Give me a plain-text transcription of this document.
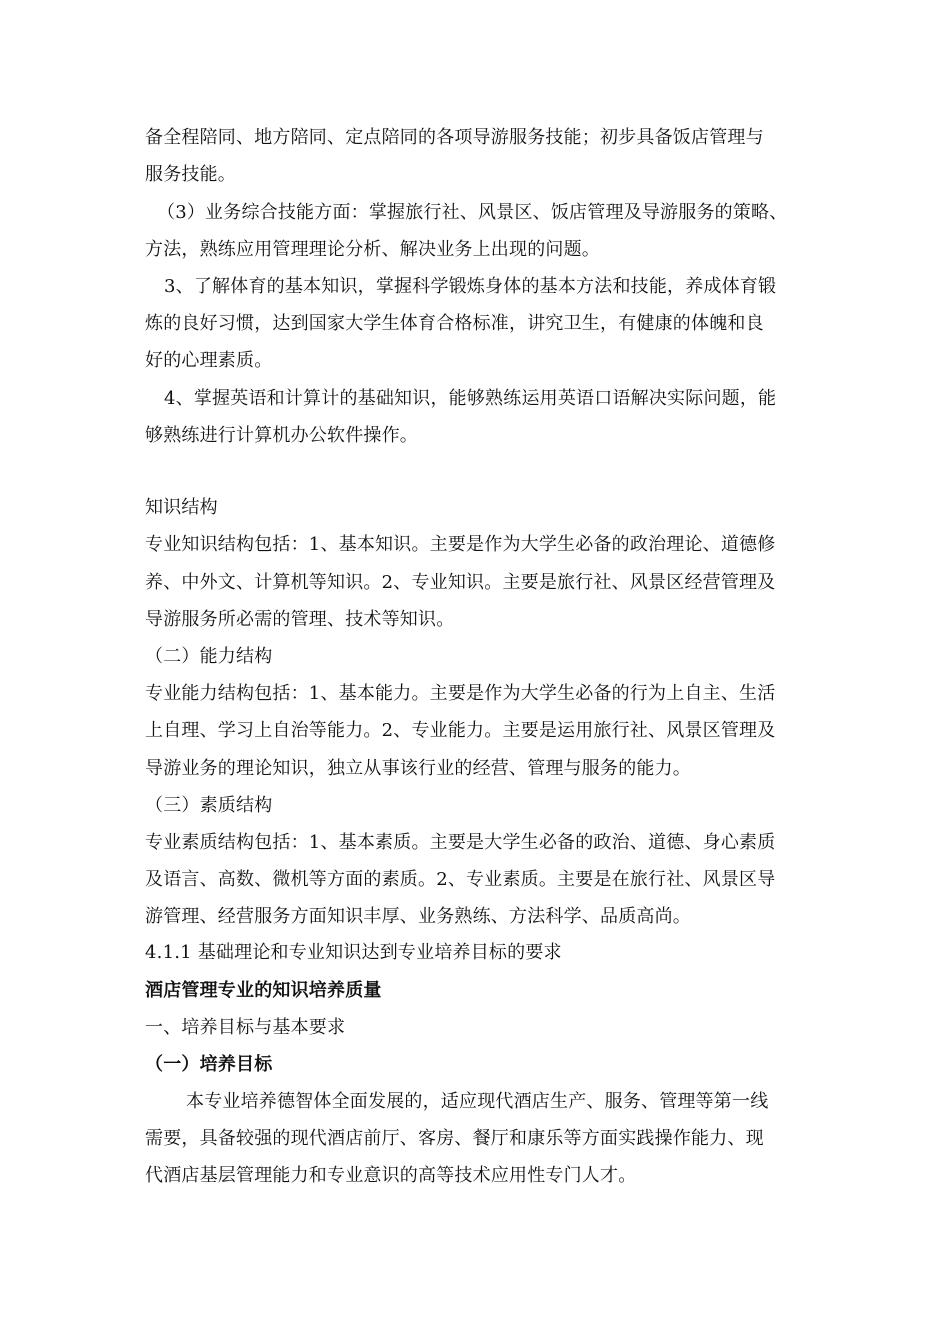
备全程陪同、地方陪同、定点陪同的各项导游服务技能；初步具备饭店管理与
服务技能。
（3）业务综合技能方面：掌握旅行社、风景区、饭店管理及导游服务的策略、
方法，熟练应用管理理论分析、解决业务上出现的问题。
3、了解体育的基本知识，掌握科学锻炼身体的基本方法和技能，养成体育锻
炼的良好习惯，达到国家大学生体育合格标准，讲究卫生，有健康的体魄和良
好的心理素质。
4、掌握英语和计算计的基础知识，能够熟练运用英语口语解决实际问题，能
够熟练进行计算机办公软件操作。
知识结构
专业知识结构包括：1、基本知识。主要是作为大学生必备的政治理论、道德修
养、中外文、计算机等知识。2、专业知识。主要是旅行社、风景区经营管理及
导游服务所必需的管理、技术等知识。
（二）能力结构
专业能力结构包括：1、基本能力。主要是作为大学生必备的行为上自主、生活
上自理、学习上自治等能力。2、专业能力。主要是运用旅行社、风景区管理及
导游业务的理论知识，独立从事该行业的经营、管理与服务的能力。
（三）素质结构
专业素质结构包括：1、基本素质。主要是大学生必备的政治、道德、身心素质
及语言、高数、微机等方面的素质。2、专业素质。主要是在旅行社、风景区导
游管理、经营服务方面知识丰厚、业务熟练、方法科学、品质高尚。
4.1.1 基础理论和专业知识达到专业培养目标的要求
酒店管理专业的知识培养质量
一、培养目标与基本要求
（一）培养目标
本专业培养德智体全面发展的，适应现代酒店生产、服务、管理等第一线
需要，具备较强的现代酒店前厅、客房、餐厅和康乐等方面实践操作能力、现
代酒店基层管理能力和专业意识的高等技术应用性专门人才。
